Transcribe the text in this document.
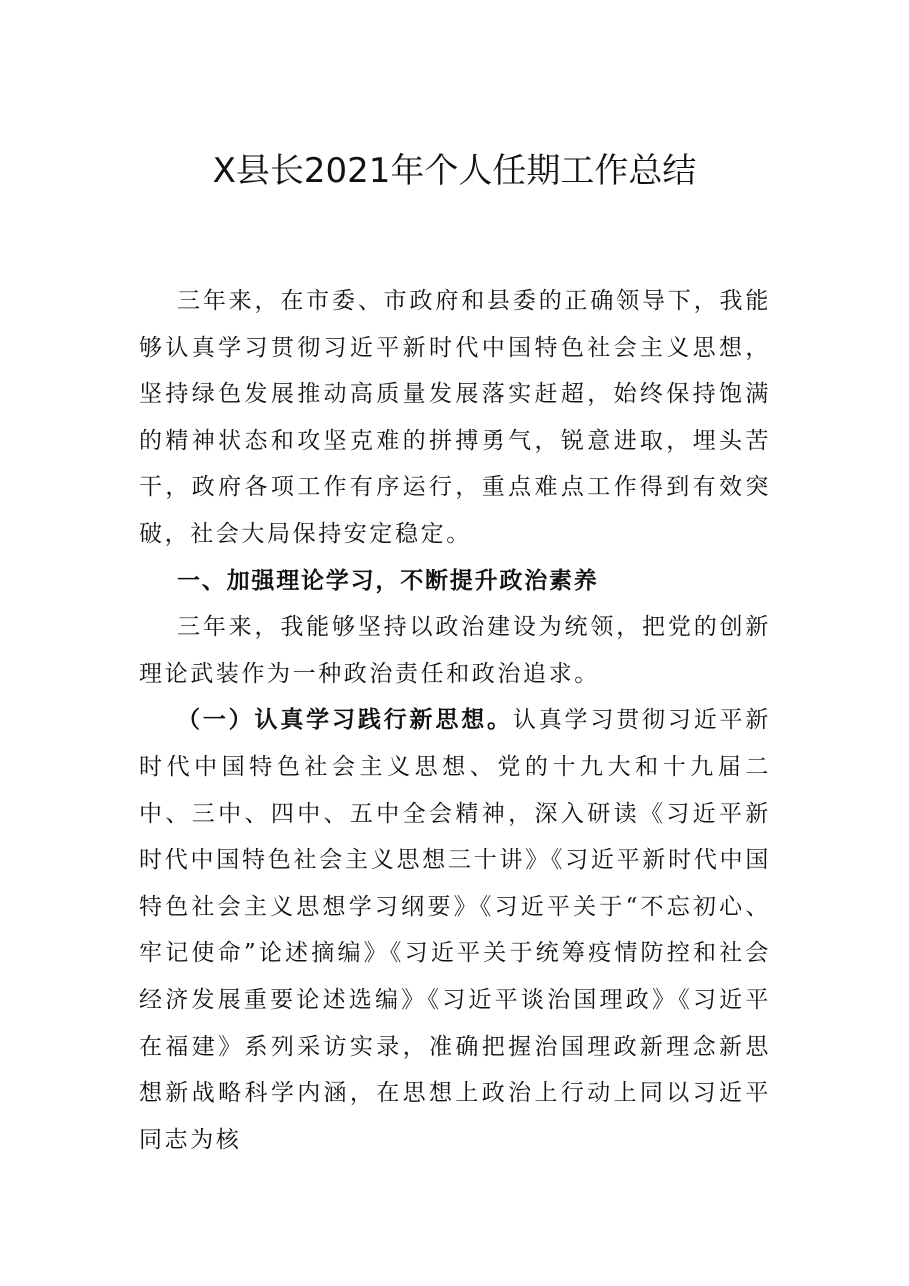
X县长2021年个人任期工作总结

三年来，在市委、市政府和县委的正确领导下，我能够认真学习贯彻习近平新时代中国特色社会主义思想，坚持绿色发展推动高质量发展落实赶超，始终保持饱满的精神状态和攻坚克难的拼搏勇气，锐意进取，埋头苦干，政府各项工作有序运行，重点难点工作得到有效突破，社会大局保持安定稳定。

一、加强理论学习，不断提升政治素养

三年来，我能够坚持以政治建设为统领，把党的创新理论武装作为一种政治责任和政治追求。

（一）认真学习践行新思想。认真学习贯彻习近平新时代中国特色社会主义思想、党的十九大和十九届二中、三中、四中、五中全会精神，深入研读《习近平新时代中国特色社会主义思想三十讲》《习近平新时代中国特色社会主义思想学习纲要》《习近平关于“不忘初心、牢记使命”论述摘编》《习近平关于统筹疫情防控和社会经济发展重要论述选编》《习近平谈治国理政》《习近平在福建》系列采访实录，准确把握治国理政新理念新思想新战略科学内涵，在思想上政治上行动上同以习近平同志为核
